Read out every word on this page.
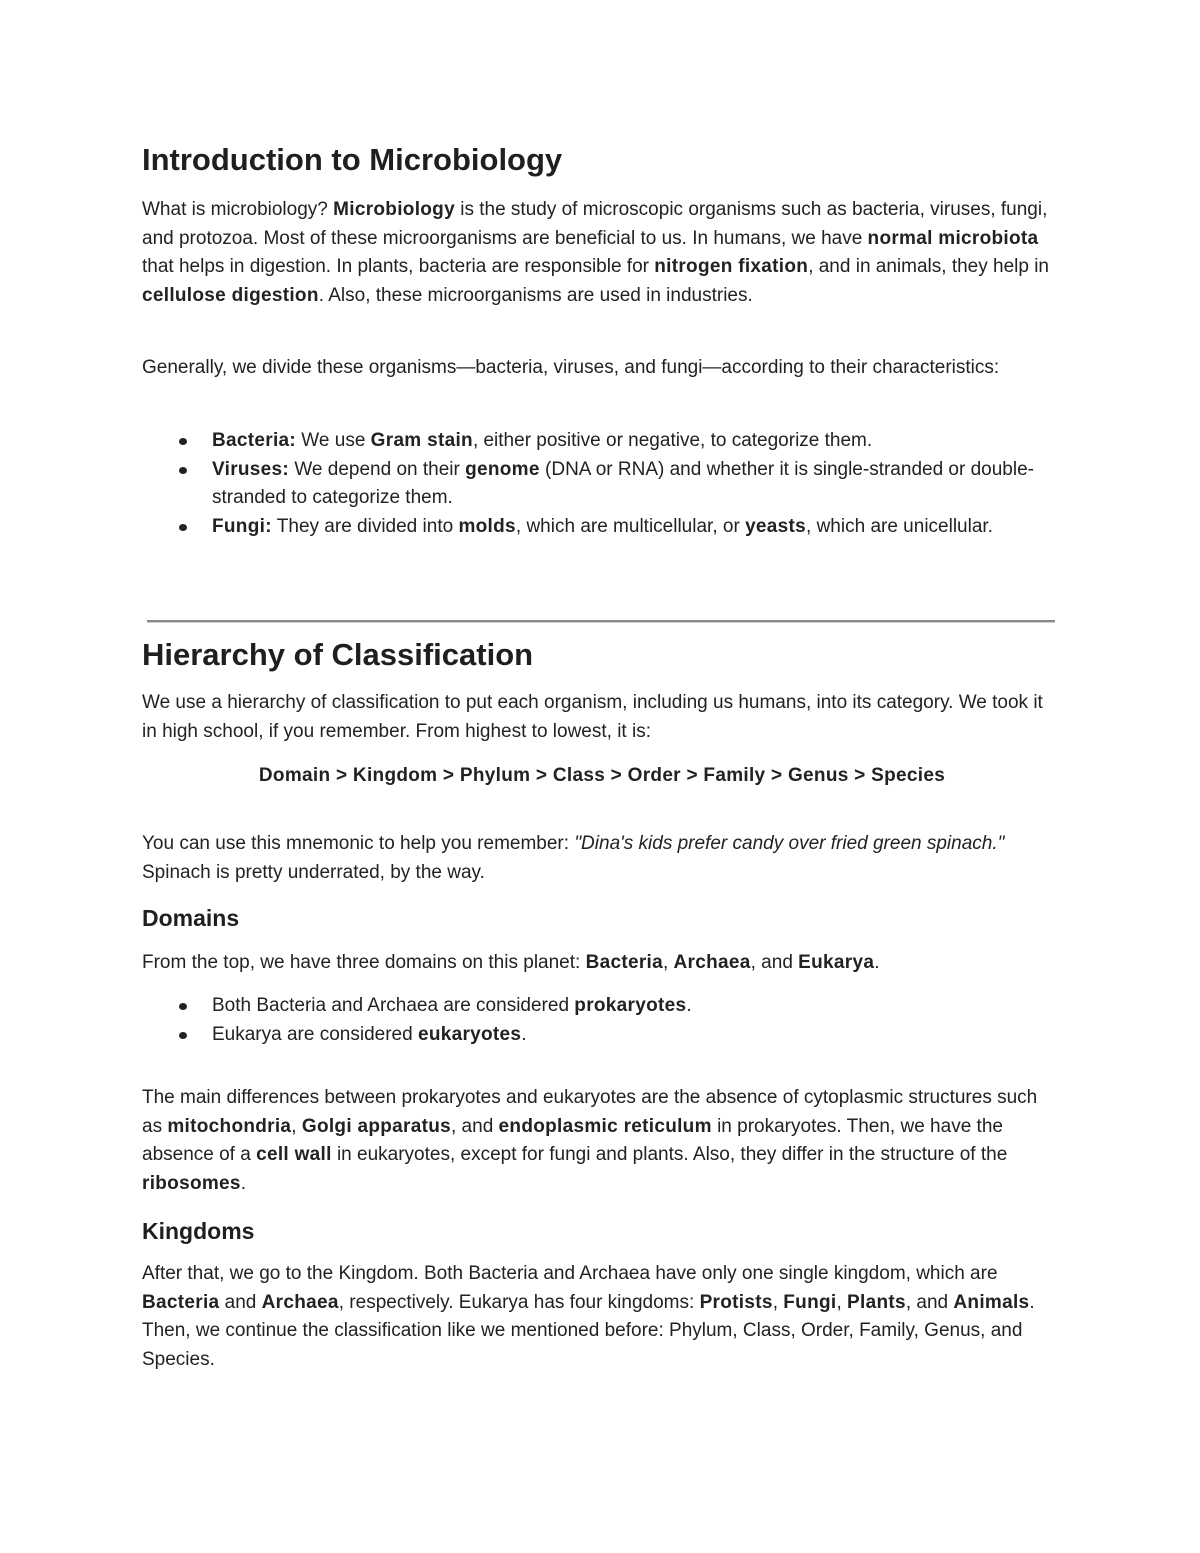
Introduction to Microbiology

What is microbiology? Microbiology is the study of microscopic organisms such as bacteria, viruses, fungi, and protozoa. Most of these microorganisms are beneficial to us. In humans, we have normal microbiota that helps in digestion. In plants, bacteria are responsible for nitrogen fixation, and in animals, they help in cellulose digestion. Also, these microorganisms are used in industries.

Generally, we divide these organisms—bacteria, viruses, and fungi—according to their characteristics:

Bacteria: We use Gram stain, either positive or negative, to categorize them.
Viruses: We depend on their genome (DNA or RNA) and whether it is single-stranded or double-stranded to categorize them.
Fungi: They are divided into molds, which are multicellular, or yeasts, which are unicellular.
Hierarchy of Classification

We use a hierarchy of classification to put each organism, including us humans, into its category. We took it in high school, if you remember. From highest to lowest, it is:

Domain > Kingdom > Phylum > Class > Order > Family > Genus > Species

You can use this mnemonic to help you remember: "Dina's kids prefer candy over fried green spinach." Spinach is pretty underrated, by the way.

Domains

From the top, we have three domains on this planet: Bacteria, Archaea, and Eukarya.

Both Bacteria and Archaea are considered prokaryotes.
Eukarya are considered eukaryotes.

The main differences between prokaryotes and eukaryotes are the absence of cytoplasmic structures such as mitochondria, Golgi apparatus, and endoplasmic reticulum in prokaryotes. Then, we have the absence of a cell wall in eukaryotes, except for fungi and plants. Also, they differ in the structure of the ribosomes.

Kingdoms

After that, we go to the Kingdom. Both Bacteria and Archaea have only one single kingdom, which are Bacteria and Archaea, respectively. Eukarya has four kingdoms: Protists, Fungi, Plants, and Animals. Then, we continue the classification like we mentioned before: Phylum, Class, Order, Family, Genus, and Species.
